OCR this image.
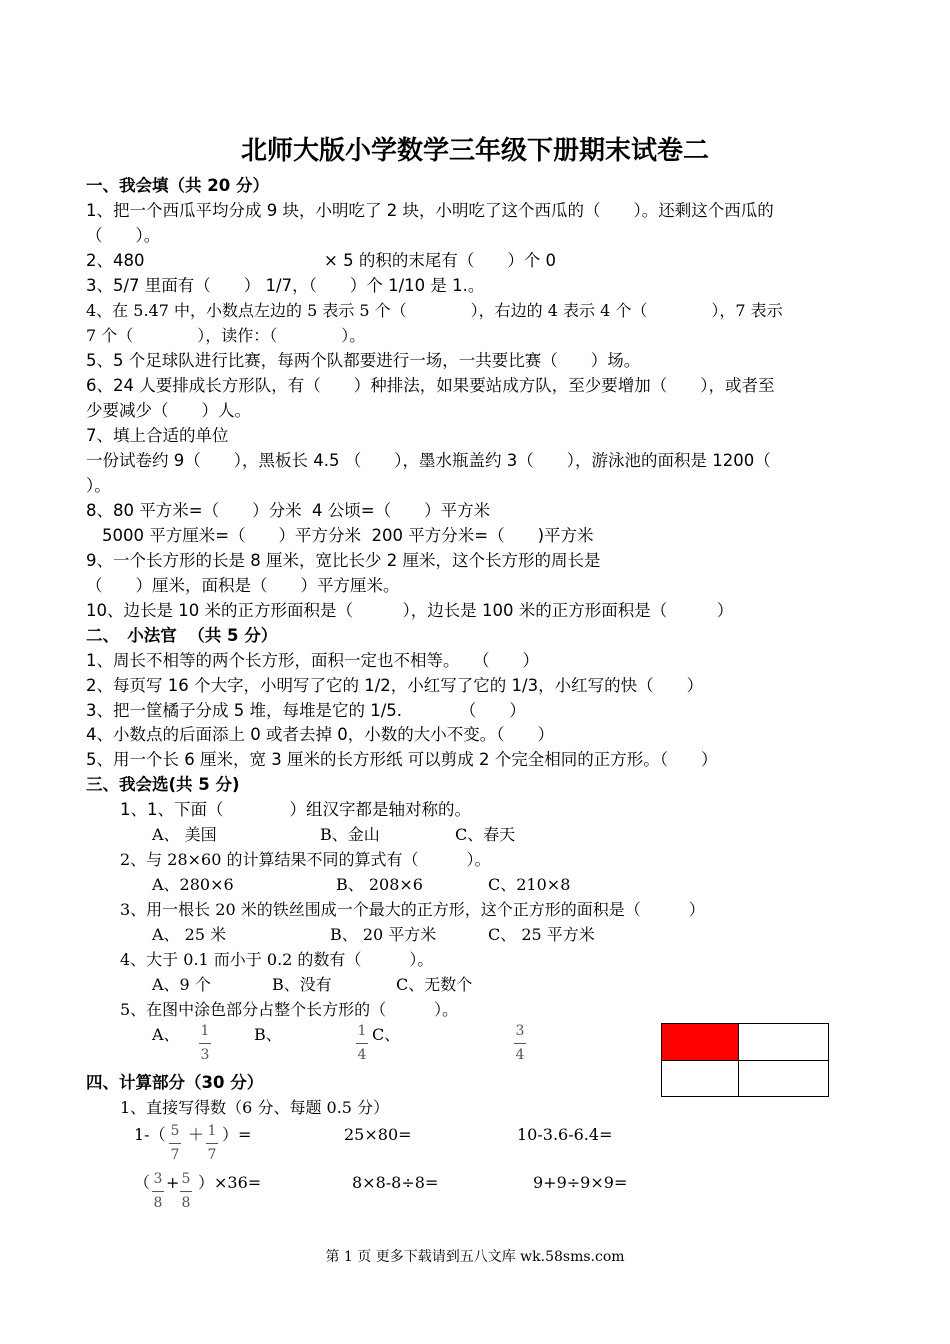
北师大版小学数学三年级下册期末试卷二
一、我会填（共 20 分）
1、把一个西瓜平均分成 9 块，小明吃了 2 块，小明吃了这个西瓜的（　　）。还剩这个西瓜的
（　　）。
2、480	× 5 的积的末尾有（　　）个 0
3、5/7 里面有（　　） 1/7，（　　）个 1/10 是 1.。
4、在 5.47 中，小数点左边的 5 表示 5 个（　　　　），右边的 4 表示 4 个（　　　　），7 表示
7 个（　　　　），读作：（　　　　）。
5、5 个足球队进行比赛，每两个队都要进行一场，一共要比赛（　　）场。
6、24 人要排成长方形队，有（　　）种排法，如果要站成方队，至少要增加（　　），或者至
少要减少（　　）人。
7、填上合适的单位
一份试卷约 9（　　），黑板长 4.5 （　　），墨水瓶盖约 3（　　），游泳池的面积是 1200（
）。
8、80 平方米=（　　）分米  4 公顷=（　　）平方米
5000 平方厘米=（　　）平方分米  200 平方分米=（　　)平方米
9、一个长方形的长是 8 厘米，宽比长少 2 厘米，这个长方形的周长是
（　　）厘米，面积是（　　）平方厘米。
10、边长是 10 米的正方形面积是（　　　），边长是 100 米的正方形面积是（　　　）
二、　小法官  （共 5 分）
1、周长不相等的两个长方形，面积一定也不相等。　 （　　）
2、每页写 16 个大字，小明写了它的 1/2，小红写了它的 1/3，小红写的快（　　）
3、把一筐橘子分成 5 堆，每堆是它的 1/5.　　　　（　　）
4、小数点的后面添上 0 或者去掉 0，小数的大小不变。（　　）
5、用一个长 6 厘米，宽 3 厘米的长方形纸 可以剪成 2 个完全相同的正方形。（　　）
三、我会选(共 5 分)
1、1、下面（　　　　）组汉字都是轴对称的。
A、 美国	B、金山	C、春天
2、与 28×60 的计算结果不同的算式有（　　　）。
A、280×6	B、 208×6	C、210×8
3、用一根长 20 米的铁丝围成一个最大的正方形，这个正方形的面积是（　　　）
A、 25 米	B、 20 平方米	C、 25 平方米
4、大于 0.1 而小于 0.2 的数有（　　　）。
A、9 个	B、没有	C、无数个
5、在图中涂色部分占整个长方形的（　　　）。
A、 1
3
B、	1
4
C、	3
4
四、计算部分（30 分）
1、直接写得数（6 分、每题 0.5 分）
1-（ 5
7
＋ 1
7
）=	25×80=	10-3.6-6.4=
（ 3
8
+ 5
8
）×36=	8×8-8÷8=	9+9÷9×9=
第 1 页 更多下载请到五八文库 wk.58sms.com
